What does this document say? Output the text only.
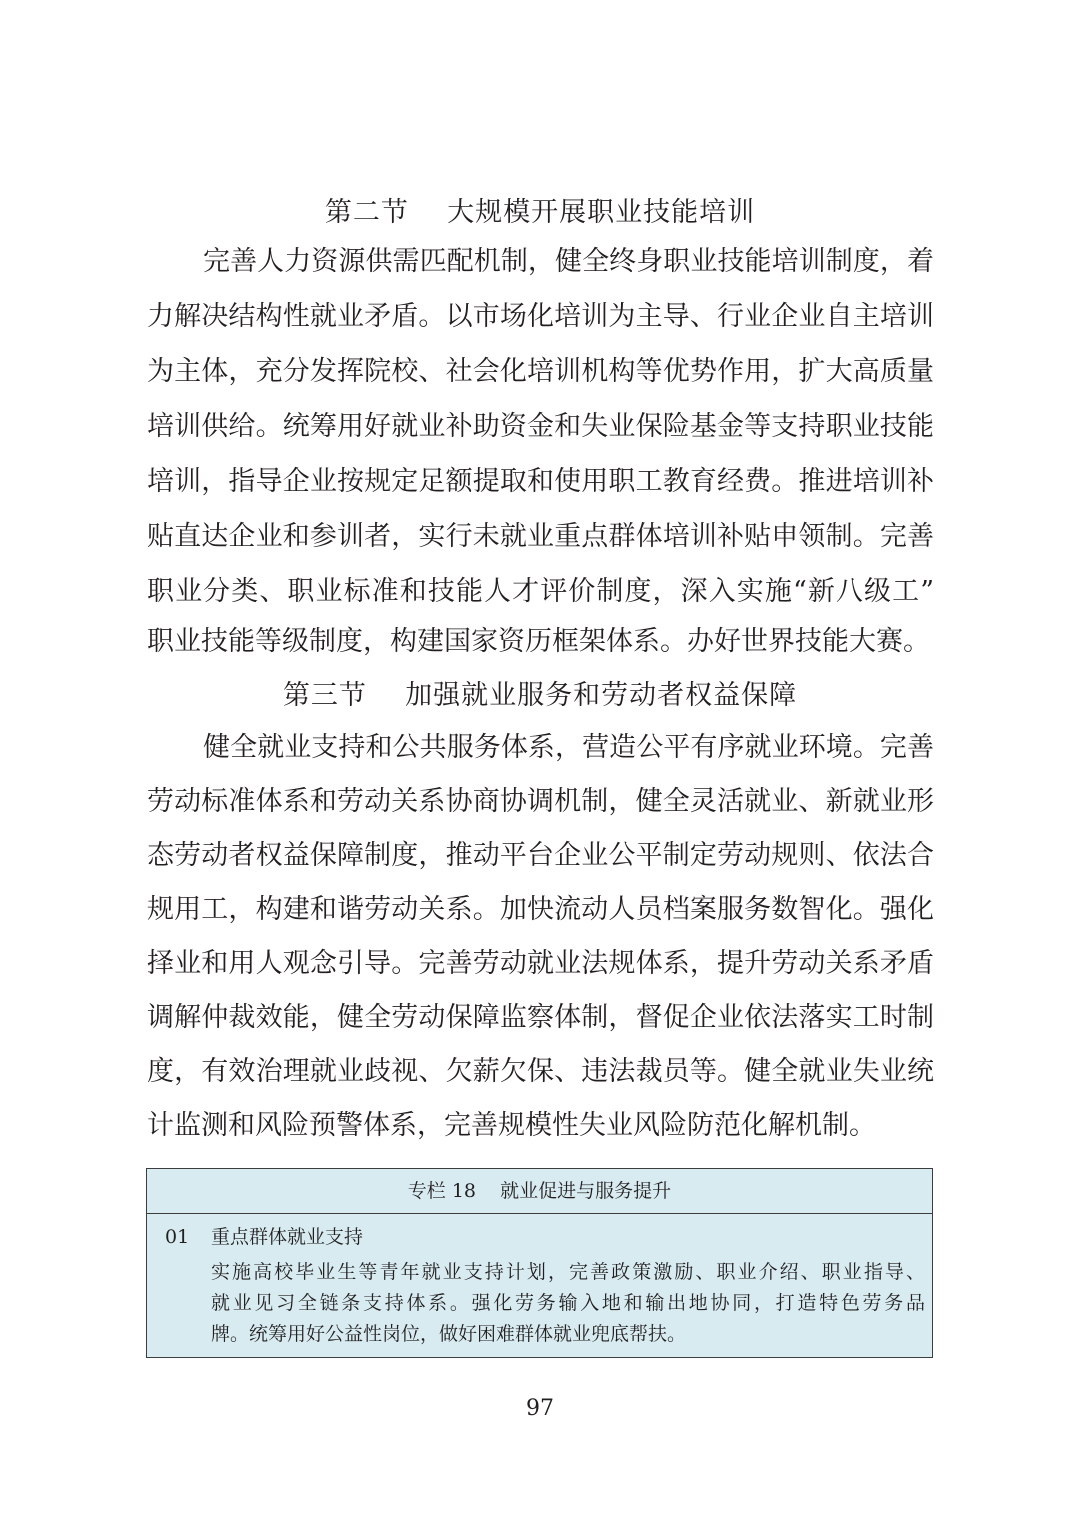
第二节    大规模开展职业技能培训
完善人力资源供需匹配机制，健全终身职业技能培训制度，着
力解决结构性就业矛盾。以市场化培训为主导、行业企业自主培训
为主体，充分发挥院校、社会化培训机构等优势作用，扩大高质量
培训供给。统筹用好就业补助资金和失业保险基金等支持职业技能
培训，指导企业按规定足额提取和使用职工教育经费。推进培训补
贴直达企业和参训者，实行未就业重点群体培训补贴申领制。完善
职业分类、职业标准和技能人才评价制度，深入实施“新八级工”
职业技能等级制度，构建国家资历框架体系。办好世界技能大赛。
第三节    加强就业服务和劳动者权益保障
健全就业支持和公共服务体系，营造公平有序就业环境。完善
劳动标准体系和劳动关系协商协调机制，健全灵活就业、新就业形
态劳动者权益保障制度，推动平台企业公平制定劳动规则、依法合
规用工，构建和谐劳动关系。加快流动人员档案服务数智化。强化
择业和用人观念引导。完善劳动就业法规体系，提升劳动关系矛盾
调解仲裁效能，健全劳动保障监察体制，督促企业依法落实工时制
度，有效治理就业歧视、欠薪欠保、违法裁员等。健全就业失业统
计监测和风险预警体系，完善规模性失业风险防范化解机制。
专栏 18    就业促进与服务提升
01 重点群体就业支持
实施高校毕业生等青年就业支持计划，完善政策激励、职业介绍、职业指导、
就业见习全链条支持体系。强化劳务输入地和输出地协同，打造特色劳务品
牌。统筹用好公益性岗位，做好困难群体就业兜底帮扶。
97
